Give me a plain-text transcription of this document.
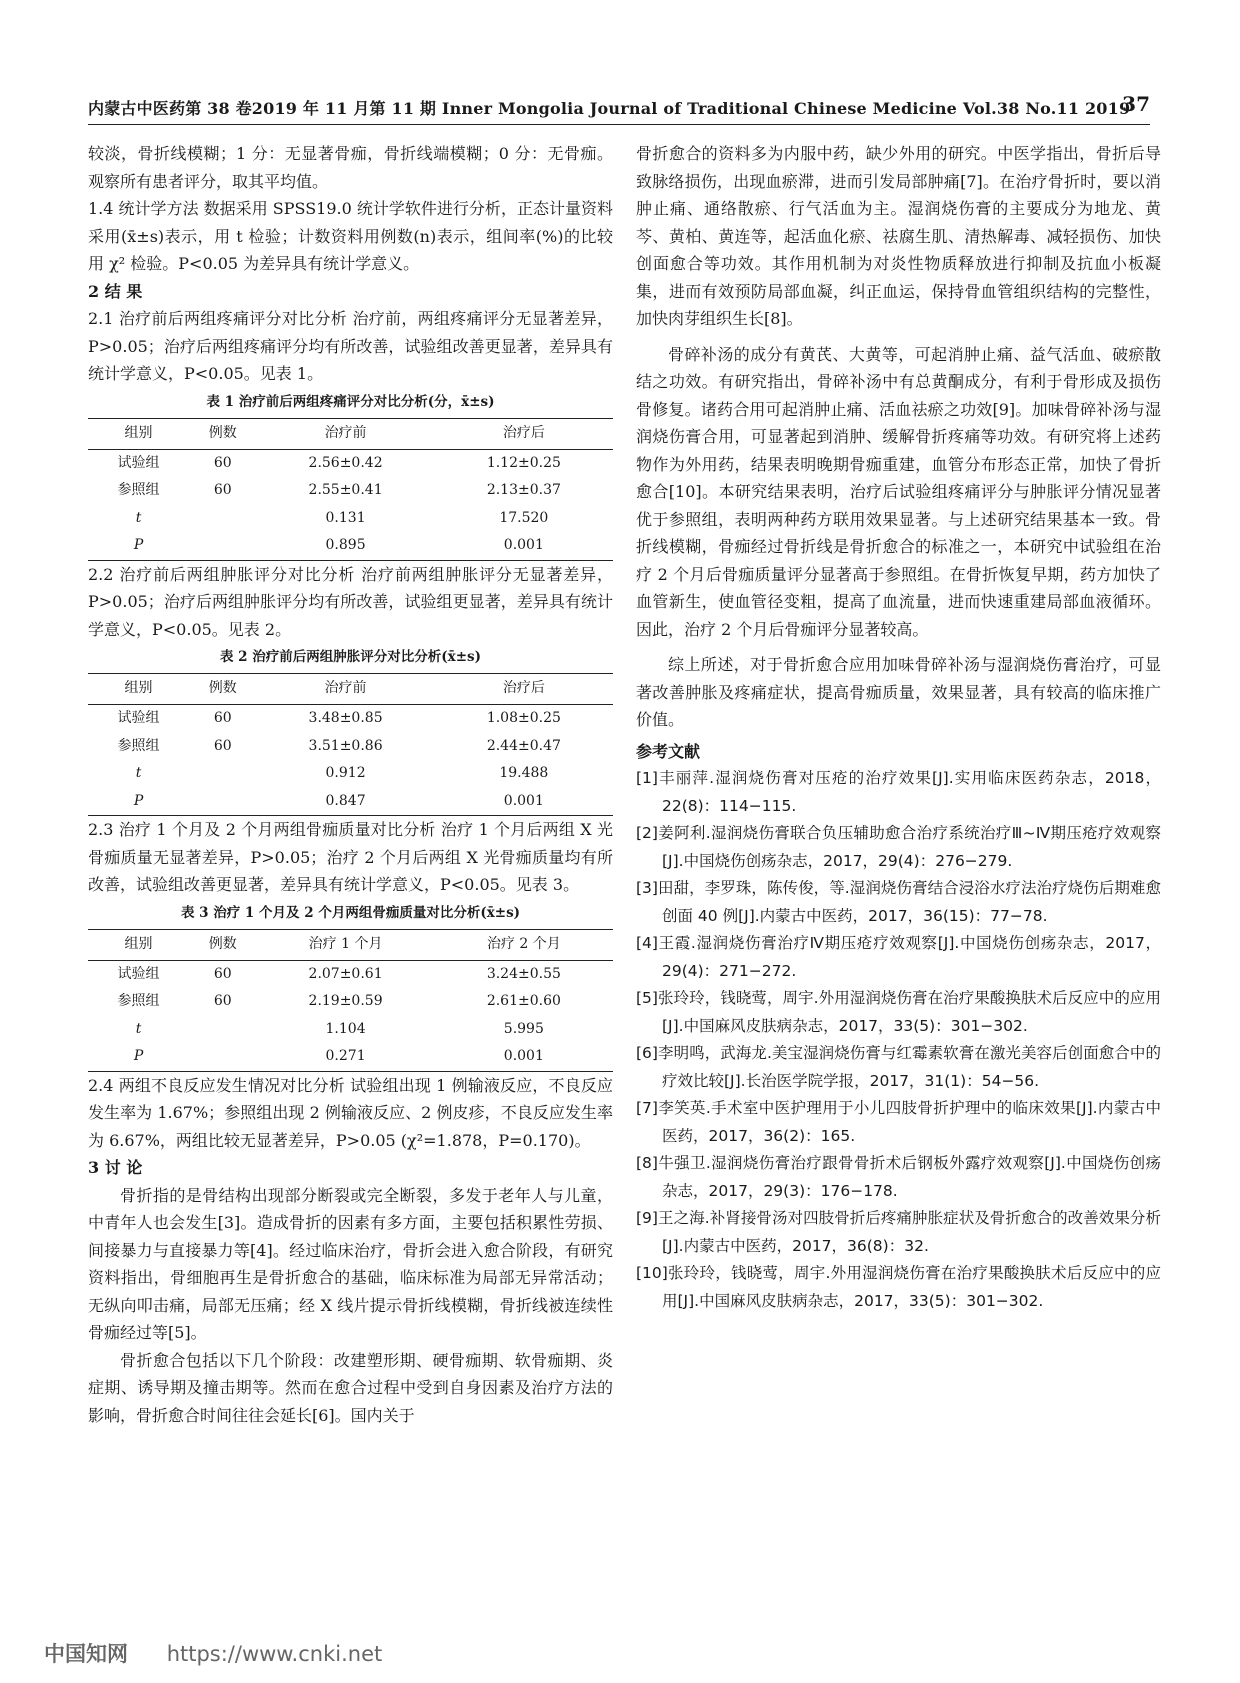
内蒙古中医药第 38 卷2019 年 11 月第 11 期 Inner Mongolia Journal of Traditional Chinese Medicine Vol.38 No.11 2019
37

较淡，骨折线模糊；1 分：无显著骨痂，骨折线端模糊；0 分：无骨痂。观察所有患者评分，取其平均值。

1.4 统计学方法 数据采用 SPSS19.0 统计学软件进行分析，正态计量资料采用(x̄±s)表示，用 t 检验；计数资料用例数(n)表示，组间率(%)的比较用 χ² 检验。P<0.05 为差异具有统计学意义。

2 结 果

2.1 治疗前后两组疼痛评分对比分析 治疗前，两组疼痛评分无显著差异，P>0.05；治疗后两组疼痛评分均有所改善，试验组改善更显著，差异具有统计学意义，P<0.05。见表 1。

表 1 治疗前后两组疼痛评分对比分析(分，x̄±s)
组别	例数	治疗前	治疗后
试验组	60	2.56±0.42	1.12±0.25
参照组	60	2.55±0.41	2.13±0.37
t		0.131	17.520
P		0.895	0.001

2.2 治疗前后两组肿胀评分对比分析 治疗前两组肿胀评分无显著差异，P>0.05；治疗后两组肿胀评分均有所改善，试验组更显著，差异具有统计学意义，P<0.05。见表 2。

表 2 治疗前后两组肿胀评分对比分析(x̄±s)
组别	例数	治疗前	治疗后
试验组	60	3.48±0.85	1.08±0.25
参照组	60	3.51±0.86	2.44±0.47
t		0.912	19.488
P		0.847	0.001

2.3 治疗 1 个月及 2 个月两组骨痂质量对比分析 治疗 1 个月后两组 X 光骨痂质量无显著差异，P>0.05；治疗 2 个月后两组 X 光骨痂质量均有所改善，试验组改善更显著，差异具有统计学意义，P<0.05。见表 3。

表 3 治疗 1 个月及 2 个月两组骨痂质量对比分析(x̄±s)
组别	例数	治疗 1 个月	治疗 2 个月
试验组	60	2.07±0.61	3.24±0.55
参照组	60	2.19±0.59	2.61±0.60
t		1.104	5.995
P		0.271	0.001

2.4 两组不良反应发生情况对比分析 试验组出现 1 例输液反应，不良反应发生率为 1.67%；参照组出现 2 例输液反应、2 例皮疹，不良反应发生率为 6.67%，两组比较无显著差异，P>0.05 (χ²=1.878，P=0.170)。

3 讨 论

骨折指的是骨结构出现部分断裂或完全断裂，多发于老年人与儿童，中青年人也会发生[3]。造成骨折的因素有多方面，主要包括积累性劳损、间接暴力与直接暴力等[4]。经过临床治疗，骨折会进入愈合阶段，有研究资料指出，骨细胞再生是骨折愈合的基础，临床标准为局部无异常活动；无纵向叩击痛，局部无压痛；经 X 线片提示骨折线模糊，骨折线被连续性骨痂经过等[5]。

骨折愈合包括以下几个阶段：改建塑形期、硬骨痂期、软骨痂期、炎症期、诱导期及撞击期等。然而在愈合过程中受到自身因素及治疗方法的影响，骨折愈合时间往往会延长[6]。国内关于

骨折愈合的资料多为内服中药，缺少外用的研究。中医学指出，骨折后导致脉络损伤，出现血瘀滞，进而引发局部肿痛[7]。在治疗骨折时，要以消肿止痛、通络散瘀、行气活血为主。湿润烧伤膏的主要成分为地龙、黄芩、黄柏、黄连等，起活血化瘀、祛腐生肌、清热解毒、减轻损伤、加快创面愈合等功效。其作用机制为对炎性物质释放进行抑制及抗血小板凝集，进而有效预防局部血凝，纠正血运，保持骨血管组织结构的完整性，加快肉芽组织生长[8]。

骨碎补汤的成分有黄芪、大黄等，可起消肿止痛、益气活血、破瘀散结之功效。有研究指出，骨碎补汤中有总黄酮成分，有利于骨形成及损伤骨修复。诸药合用可起消肿止痛、活血祛瘀之功效[9]。加味骨碎补汤与湿润烧伤膏合用，可显著起到消肿、缓解骨折疼痛等功效。有研究将上述药物作为外用药，结果表明晚期骨痂重建，血管分布形态正常，加快了骨折愈合[10]。本研究结果表明，治疗后试验组疼痛评分与肿胀评分情况显著优于参照组，表明两种药方联用效果显著。与上述研究结果基本一致。骨折线模糊，骨痂经过骨折线是骨折愈合的标准之一，本研究中试验组在治疗 2 个月后骨痂质量评分显著高于参照组。在骨折恢复早期，药方加快了血管新生，使血管径变粗，提高了血流量，进而快速重建局部血液循环。因此，治疗 2 个月后骨痂评分显著较高。

综上所述，对于骨折愈合应用加味骨碎补汤与湿润烧伤膏治疗，可显著改善肿胀及疼痛症状，提高骨痂质量，效果显著，具有较高的临床推广价值。

参考文献

[1]丰丽萍.湿润烧伤膏对压疮的治疗效果[J].实用临床医药杂志，2018，22(8)：114−115.

[2]姜阿利.湿润烧伤膏联合负压辅助愈合治疗系统治疗Ⅲ~Ⅳ期压疮疗效观察[J].中国烧伤创疡杂志，2017，29(4)：276−279.

[3]田甜，李罗珠，陈传俊，等.湿润烧伤膏结合浸浴水疗法治疗烧伤后期难愈创面 40 例[J].内蒙古中医药，2017，36(15)：77−78.

[4]王霞.湿润烧伤膏治疗Ⅳ期压疮疗效观察[J].中国烧伤创疡杂志，2017，29(4)：271−272.

[5]张玲玲，钱晓莺，周宇.外用湿润烧伤膏在治疗果酸换肤术后反应中的应用[J].中国麻风皮肤病杂志，2017，33(5)：301−302.

[6]李明鸣，武海龙.美宝湿润烧伤膏与红霉素软膏在激光美容后创面愈合中的疗效比较[J].长治医学院学报，2017，31(1)：54−56.

[7]李笑英.手术室中医护理用于小儿四肢骨折护理中的临床效果[J].内蒙古中医药，2017，36(2)：165.

[8]牛强卫.湿润烧伤膏治疗跟骨骨折术后钢板外露疗效观察[J].中国烧伤创疡杂志，2017，29(3)：176−178.

[9]王之海.补肾接骨汤对四肢骨折后疼痛肿胀症状及骨折愈合的改善效果分析[J].内蒙古中医药，2017，36(8)：32.

[10]张玲玲，钱晓莺，周宇.外用湿润烧伤膏在治疗果酸换肤术后反应中的应用[J].中国麻风皮肤病杂志，2017，33(5)：301−302.

中国知网 https://www.cnki.net
